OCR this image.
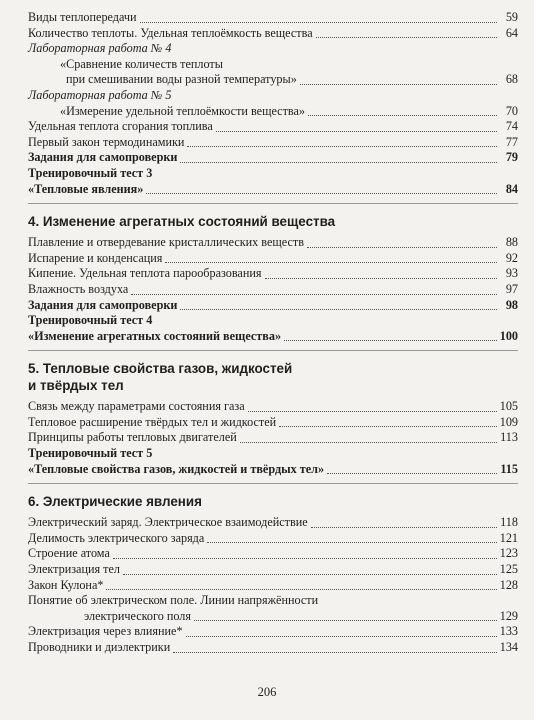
Виды теплопередачи	59
Количество теплоты. Удельная теплоёмкость вещества	64
Лабораторная работа № 4
«Сравнение количеств теплоты
при смешивании воды разной температуры»	68
Лабораторная работа № 5
«Измерение удельной теплоёмкости вещества»	70
Удельная теплота сгорания топлива	74
Первый закон термодинамики	77
Задания для самопроверки	79
Тренировочный тест 3
«Тепловые явления»	84
4. Изменение агрегатных состояний вещества
Плавление и отвердевание кристаллических веществ	88
Испарение и конденсация	92
Кипение. Удельная теплота парообразования	93
Влажность воздуха	97
Задания для самопроверки	98
Тренировочный тест 4
«Изменение агрегатных состояний вещества»	100
5. Тепловые свойства газов, жидкостей
и твёрдых тел
Связь между параметрами состояния газа	105
Тепловое расширение твёрдых тел и жидкостей	109
Принципы работы тепловых двигателей	113
Тренировочный тест 5
«Тепловые свойства газов, жидкостей и твёрдых тел»	115
6. Электрические явления
Электрический заряд. Электрическое взаимодействие	118
Делимость электрического заряда	121
Строение атома	123
Электризация тел	125
Закон Кулона*	128
Понятие об электрическом поле. Линии напряжённости
электрического поля	129
Электризация через влияние*	133
Проводники и диэлектрики	134
206
